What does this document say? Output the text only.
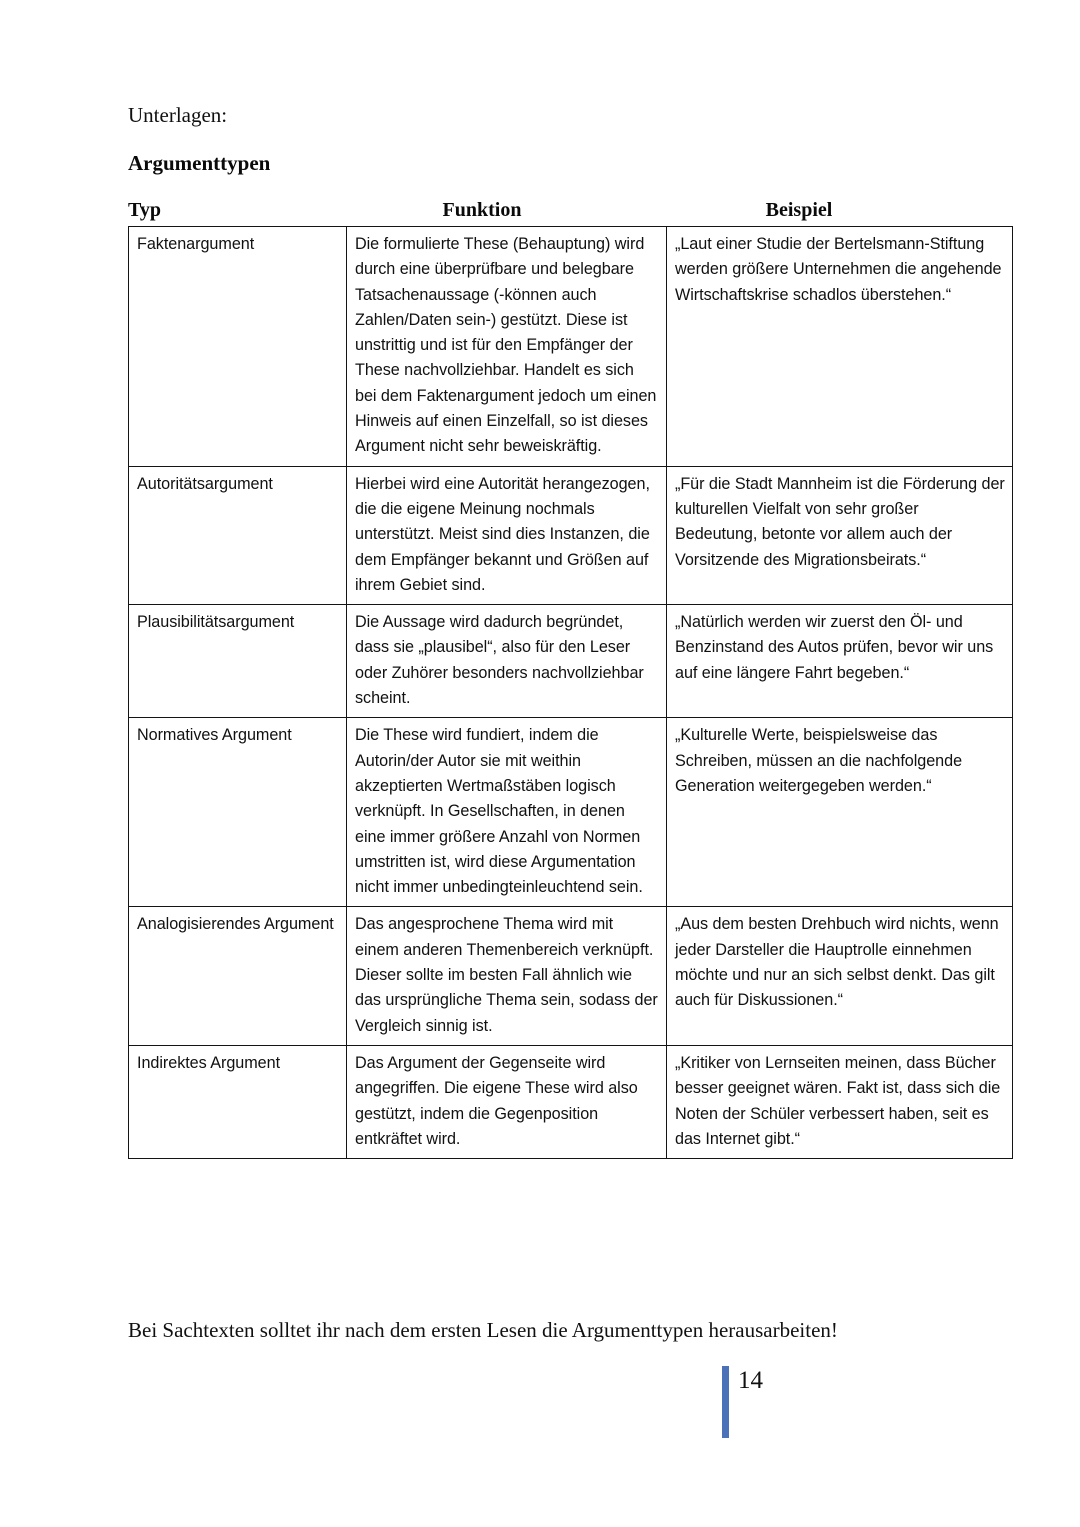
Unterlagen:
Argumenttypen
Typ	Funktion	Beispiel
Faktenargument	Die formulierte These (Behauptung) wird durch eine überprüfbare und belegbare Tatsachenaussage (-können auch Zahlen/Daten sein-) gestützt. Diese ist unstrittig und ist für den Empfänger der These nachvollziehbar. Handelt es sich bei dem Faktenargument jedoch um einen Hinweis auf einen Einzelfall, so ist dieses Argument nicht sehr beweiskräftig.	„Laut einer Studie der Bertelsmann-Stiftung werden größere Unternehmen die angehende Wirtschaftskrise schadlos überstehen.“
Autoritätsargument	Hierbei wird eine Autorität herangezogen, die die eigene Meinung nochmals unterstützt. Meist sind dies Instanzen, die dem Empfänger bekannt und Größen auf ihrem Gebiet sind.	„Für die Stadt Mannheim ist die Förderung der kulturellen Vielfalt von sehr großer Bedeutung, betonte vor allem auch der Vorsitzende des Migrationsbeirats.“
Plausibilitätsargument	Die Aussage wird dadurch begründet, dass sie „plausibel“, also für den Leser oder Zuhörer besonders nachvollziehbar scheint.	„Natürlich werden wir zuerst den Öl- und Benzinstand des Autos prüfen, bevor wir uns auf eine längere Fahrt begeben.“
Normatives Argument	Die These wird fundiert, indem die Autorin/der Autor sie mit weithin akzeptierten Wertmaßstäben logisch verknüpft. In Gesellschaften, in denen eine immer größere Anzahl von Normen umstritten ist, wird diese Argumentation nicht immer unbedingteinleuchtend sein.	„Kulturelle Werte, beispielsweise das Schreiben, müssen an die nachfolgende Generation weitergegeben werden.“
Analogisierendes Argument	Das angesprochene Thema wird mit einem anderen Themenbereich verknüpft. Dieser sollte im besten Fall ähnlich wie das ursprüngliche Thema sein, sodass der Vergleich sinnig ist.	„Aus dem besten Drehbuch wird nichts, wenn jeder Darsteller die Hauptrolle einnehmen möchte und nur an sich selbst denkt. Das gilt auch für Diskussionen.“
Indirektes Argument	Das Argument der Gegenseite wird angegriffen. Die eigene These wird also gestützt, indem die Gegenposition entkräftet wird.	„Kritiker von Lernseiten meinen, dass Bücher besser geeignet wären. Fakt ist, dass sich die Noten der Schüler verbessert haben, seit es das Internet gibt.“
Bei Sachtexten solltet ihr nach dem ersten Lesen die Argumenttypen herausarbeiten!
14
